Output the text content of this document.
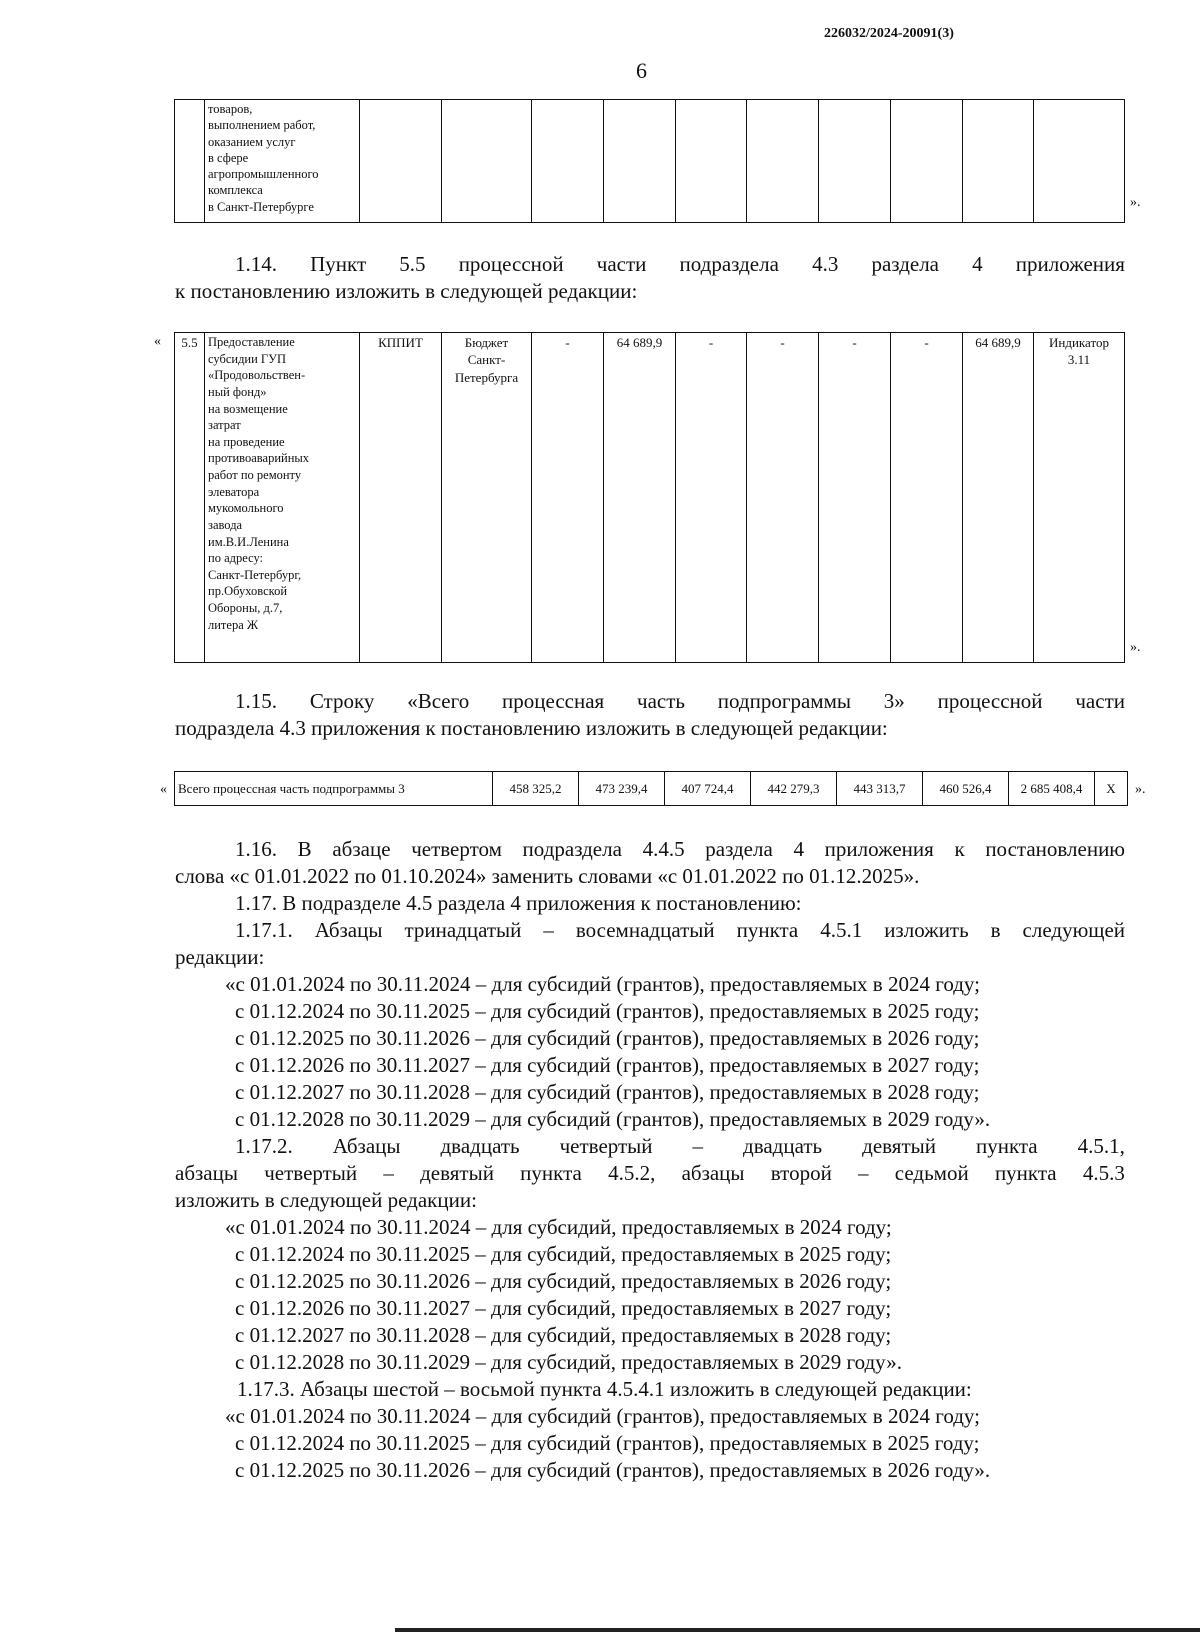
226032/2024-20091(3)
6
	товаров,
выполнением работ,
оказанием услуг
в сфере
агропромышленного
комплекса
в Санкт-Петербурге											».
1.14. Пункт 5.5 процессной части подраздела 4.3 раздела 4 приложения
к постановлению изложить в следующей редакции:
« 5.5	Предоставление
субсидии ГУП
«Продовольствен-
ный фонд»
на возмещение
затрат
на проведение
противоаварийных
работ по ремонту
элеватора
мукомольного
завода
им.В.И.Ленина
по адресу:
Санкт-Петербург,
пр.Обуховской
Обороны, д.7,
литера Ж	КППИТ	Бюджет
Санкт-
Петербурга	-	64 689,9	-	-	-	-	64 689,9	Индикатор
3.11
».
1.15. Строку «Всего процессная часть подпрограммы 3» процессной части
подраздела 4.3 приложения к постановлению изложить в следующей редакции:
« Всего процессная часть подпрограммы 3	458 325,2	473 239,4	407 724,4	442 279,3	443 313,7	460 526,4	2 685 408,4	X ».
1.16. В абзаце четвертом подраздела 4.4.5 раздела 4 приложения к постановлению
слова «с 01.01.2022 по 01.10.2024» заменить словами «с 01.01.2022 по 01.12.2025».
1.17. В подразделе 4.5 раздела 4 приложения к постановлению:
1.17.1. Абзацы тринадцатый – восемнадцатый пункта 4.5.1 изложить в следующей
редакции:
«с 01.01.2024 по 30.11.2024 – для субсидий (грантов), предоставляемых в 2024 году;
с 01.12.2024 по 30.11.2025 – для субсидий (грантов), предоставляемых в 2025 году;
с 01.12.2025 по 30.11.2026 – для субсидий (грантов), предоставляемых в 2026 году;
с 01.12.2026 по 30.11.2027 – для субсидий (грантов), предоставляемых в 2027 году;
с 01.12.2027 по 30.11.2028 – для субсидий (грантов), предоставляемых в 2028 году;
с 01.12.2028 по 30.11.2029 – для субсидий (грантов), предоставляемых в 2029 году».
1.17.2. Абзацы двадцать четвертый – двадцать девятый пункта 4.5.1,
абзацы четвертый – девятый пункта 4.5.2, абзацы второй – седьмой пункта 4.5.3
изложить в следующей редакции:
«с 01.01.2024 по 30.11.2024 – для субсидий, предоставляемых в 2024 году;
с 01.12.2024 по 30.11.2025 – для субсидий, предоставляемых в 2025 году;
с 01.12.2025 по 30.11.2026 – для субсидий, предоставляемых в 2026 году;
с 01.12.2026 по 30.11.2027 – для субсидий, предоставляемых в 2027 году;
с 01.12.2027 по 30.11.2028 – для субсидий, предоставляемых в 2028 году;
с 01.12.2028 по 30.11.2029 – для субсидий, предоставляемых в 2029 году».
1.17.3. Абзацы шестой – восьмой пункта 4.5.4.1 изложить в следующей редакции:
«с 01.01.2024 по 30.11.2024 – для субсидий (грантов), предоставляемых в 2024 году;
с 01.12.2024 по 30.11.2025 – для субсидий (грантов), предоставляемых в 2025 году;
с 01.12.2025 по 30.11.2026 – для субсидий (грантов), предоставляемых в 2026 году».
